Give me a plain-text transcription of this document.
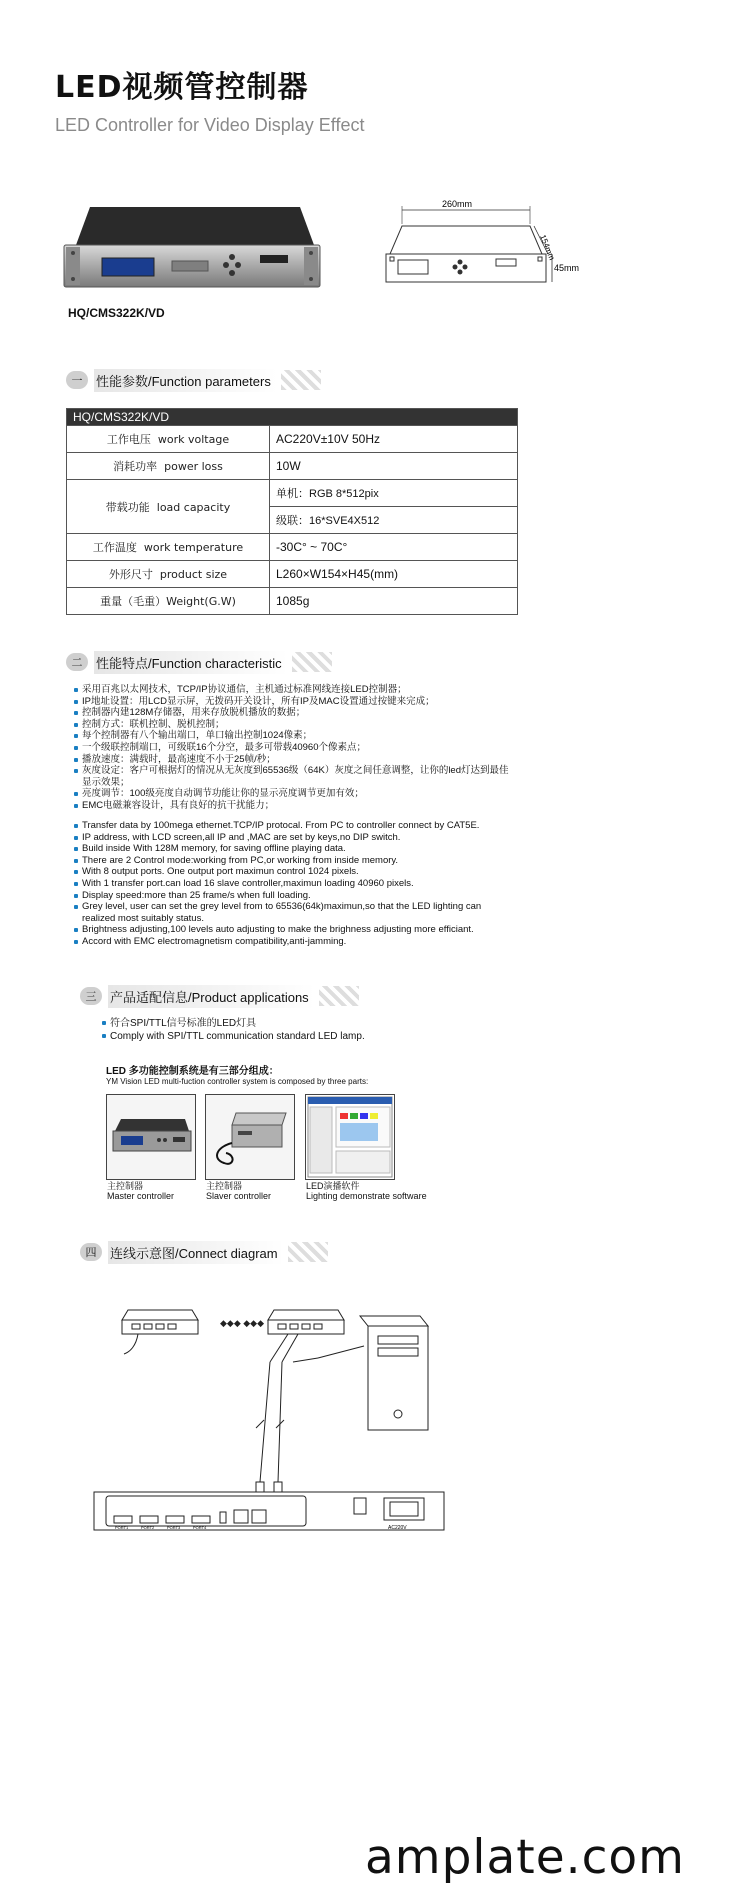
LED视频管控制器

LED Controller for Video Display Effect

HQ/CMS322K/VD
260mm
154mm
45mm
一	性能参数/Function parameters
HQ/CMS322K/VD	
工作电压 work voltage	AC220V±10V 50Hz
消耗功率 power loss	10W
带载功能 load capacity	单机：RGB 8*512pix
	级联：16*SVE4X512
工作温度 work temperature	-30C° ~ 70C°
外形尺寸 product size	L260×W154×H45(mm)
重量（毛重）Weight(G.W)	1085g
二	性能特点/Function characteristic
采用百兆以太网技术，TCP/IP协议通信，主机通过标准网线连接LED控制器；
IP地址设置：用LCD显示屏，无拨码开关设计，所有IP及MAC设置通过按键来完成；
控制器内建128M存储器，用来存放脱机播放的数据；
控制方式：联机控制、脱机控制；
每个控制器有八个输出端口，单口输出控制1024像素；
一个级联控制端口，可级联16个分空，最多可带载40960个像素点；
播放速度：满载时，最高速度不小于25帧/秒；
灰度设定：客户可根据灯的情况从无灰度到65536级（64K）灰度之间任意调整，让你的led灯达到最佳显示效果；
亮度调节：100级亮度自动调节功能让你的显示亮度调节更加有效；
EMC电磁兼容设计，具有良好的抗干扰能力；
Transfer data by 100mega ethernet.TCP/IP protocal. From PC to controller connect by CAT5E.
IP address, with LCD screen,all IP and ,MAC are set by keys,no DIP switch.
Build inside With 128M memory, for saving offline playing data.
There are 2 Control mode:working from PC,or working from inside memory.
With 8 output ports. One output port maximun control 1024 pixels.
With 1 transfer port.can load 16 slave controller,maximun loading 40960 pixels.
Display speed:more than 25 frame/s when full loading.
Grey level, user can set the grey level from to 65536(64k)maximun,so that the LED lighting can realized most suitably status.
Brightness adjusting,100 levels auto adjusting to make the brighness adjusting more efficiant.
Accord with EMC electromagnetism compatibility,anti-jamming.
三	产品适配信息/Product applications
符合SPI/TTL信号标准的LED灯具
Comply with SPI/TTL communication standard LED lamp.
LED 多功能控制系统是有三部分组成：
YM Vision LED multi-fuction controller system is composed by three parts:
主控制器
Master controller
主控制器
Slaver controller
LED演播软件
Lighting demonstrate software
四	连线示意图/Connect diagram
◆◆◆ ◆◆◆
PORT1	PORT2	PORT3	PORT4	AC220V
amplate.com
